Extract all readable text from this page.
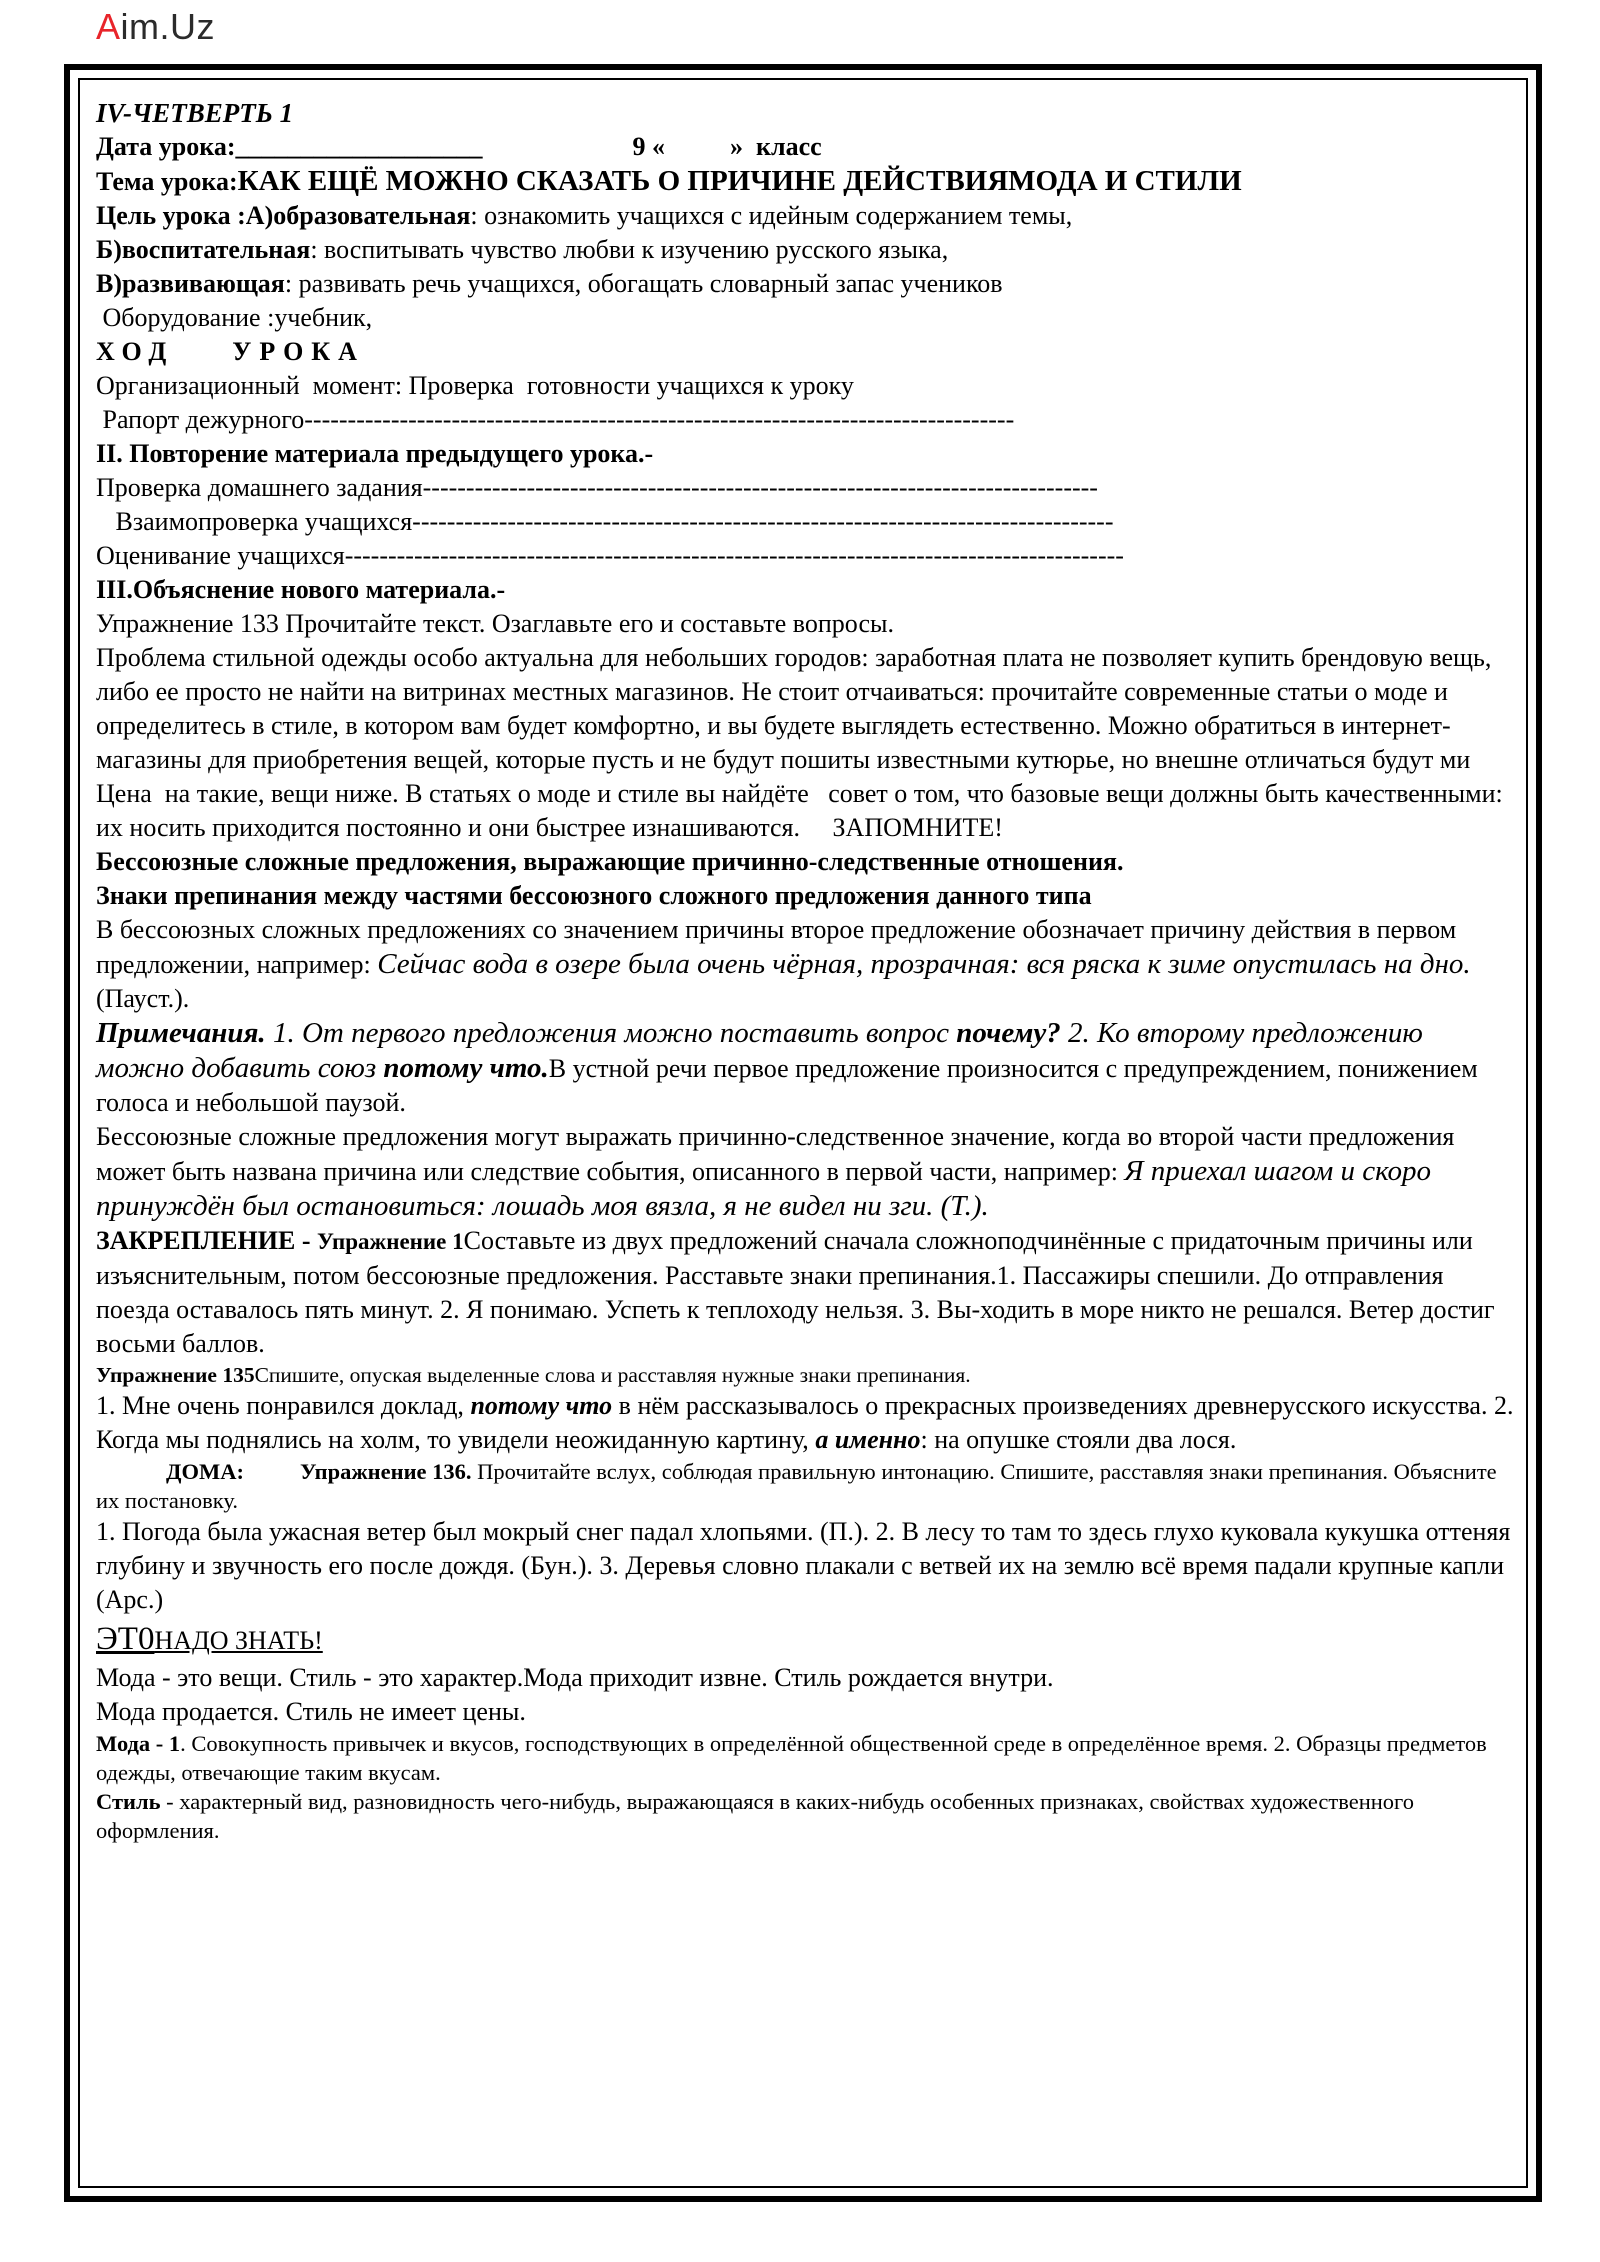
Aim.Uz

IV-ЧЕТВЕРТЬ 1

Дата урока:___________________	9 «          »  класс

Тема урока:КАК ЕЩЁ МОЖНО СКАЗАТЬ О ПРИЧИНЕ ДЕЙСТВИЯМОДА И СТИЛИ

Цель урока :А)образовательная: ознакомить учащихся с идейным содержанием темы,

Б)воспитательная: воспитывать чувство любви к изучению русского языка,

В)развивающая: развивать речь учащихся, обогащать словарный запас учеников

Оборудование :учебник,

ХОД    УРОКА

Организационный  момент: Проверка  готовности учащихся к уроку

Рапорт дежурного----------------------------------------------------------------------------------

II. Повторение материала предыдущего урока.-

Проверка домашнего задания------------------------------------------------------------------------------

Взаимопроверка учащихся---------------------------------------------------------------------------------

Оценивание учащихся------------------------------------------------------------------------------------------

III.Объяснение нового материала.-

Упражнение 133 Прочитайте текст. Озаглавьте его и составьте вопросы.

Проблема стильной одежды особо актуальна для небольших городов: заработная плата не позволяет купить брендовую вещь, либо ее просто не найти на витринах местных магазинов. Не стоит отчаиваться: прочитайте современные статьи о моде и определитесь в стиле, в котором вам будет комфортно, и вы будете выглядеть естественно. Можно обратиться в интернет- магазины для приобретения вещей, которые пусть и не будут пошиты известными кутюрье, но внешне отличаться будут ми Цена  на такие, вещи ниже. В статьях о моде и стиле вы найдёте   совет о том, что базовые вещи должны быть качественными:  их носить приходится постоянно и они быстрее изнашиваются.     ЗАПОМНИТЕ!

Бессоюзные сложные предложения, выражающие причинно-следственные отношения.

Знаки препинания между частями бессоюзного сложного предложения данного типа

В бессоюзных сложных предложениях со значением причины второе предложение обозначает причину действия в первом предложении, например: Сейчас вода в озере была очень чёрная, прозрачная: вся ряска к зиме опустилась на дно.(Пауст.).

Примечания. 1. От первого предложения можно поставить вопрос почему? 2. Ко второму предложению можно добавить союз потому что.В устной речи первое предложение произносится с предупреждением, понижением голоса и небольшой паузой.

Бессоюзные сложные предложения могут выражать причинно-следственное значение, когда во второй части предложения может быть названа причина или следствие события, описанного в первой части, например: Я приехал шагом и скоро принуждён был остановиться: лошадь моя вязла, я не видел ни зги. (Т.).

ЗАКРЕПЛЕНИЕ - Упражнение 1Составьте из двух предложений сначала сложноподчинённые с придаточным причины или изъяснительным, потом бессоюзные предложения. Расставьте знаки препинания.1. Пассажиры спешили. До отправления поезда оставалось пять минут. 2. Я понимаю. Успеть к теплоходу нельзя. 3. Вы-ходить в море никто не решался. Ветер достиг восьми баллов.

Упражнение 135Спишите, опуская выделенные слова и расставляя нужные знаки препинания.

1. Мне очень понравился доклад, потому что в нём рассказывалось о прекрасных произведениях древнерусского искусства. 2. Когда мы поднялись на холм, то увидели неожиданную картину, а именно: на опушке стояли два лося.

ДОМА: Упражнение 136. Прочитайте вслух, соблюдая правильную интонацию. Спишите, расставляя знаки препинания. Объясните их постановку.

1. Погода была ужасная ветер был мокрый снег падал хлопьями. (П.). 2. В лесу то там то здесь глухо куковала кукушка оттеняя глубину и звучность его после дождя. (Бун.). 3. Деревья словно плакали с ветвей их на землю всё время падали крупные капли (Арс.)

ЭТ0НАДО ЗНАТЬ!

Мода - это вещи. Стиль - это характер.Мода приходит извне. Стиль рождается внутри.

Мода продается. Стиль не имеет цены.

Мода - 1. Совокупность привычек и вкусов, господствующих в определённой общественной среде в определённое время. 2. Образцы предметов одежды, отвечающие таким вкусам.

Стиль - характерный вид, разновидность чего-нибудь, выражающаяся в каких-нибудь особенных признаках, свойствах художественного оформления.
